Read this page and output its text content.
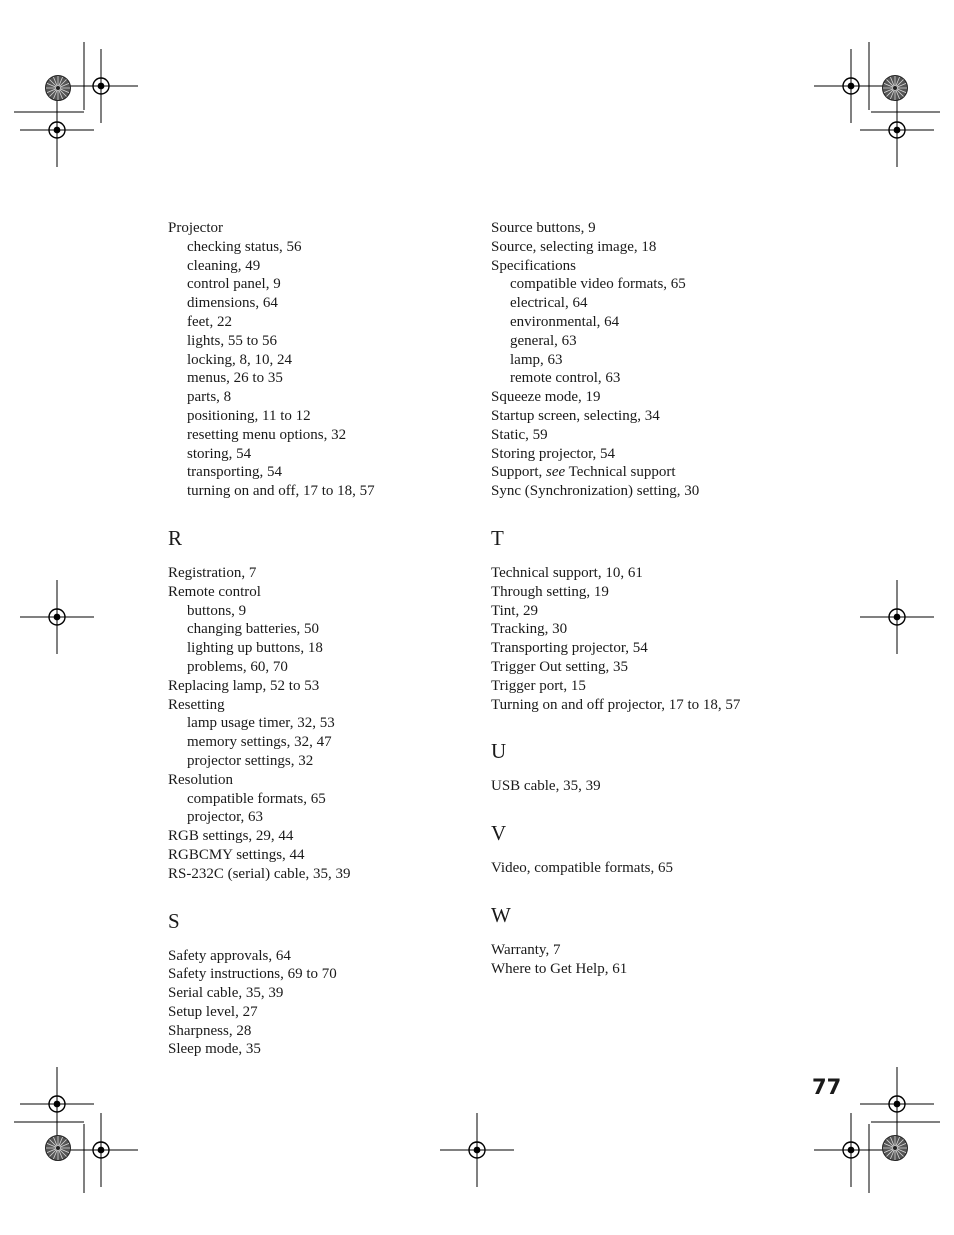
Projector
checking status, 56
cleaning, 49
control panel, 9
dimensions, 64
feet, 22
lights, 55 to 56
locking, 8, 10, 24
menus, 26 to 35
parts, 8
positioning, 11 to 12
resetting menu options, 32
storing, 54
transporting, 54
turning on and off, 17 to 18, 57
R
Registration, 7
Remote control
buttons, 9
changing batteries, 50
lighting up buttons, 18
problems, 60, 70
Replacing lamp, 52 to 53
Resetting
lamp usage timer, 32, 53
memory settings, 32, 47
projector settings, 32
Resolution
compatible formats, 65
projector, 63
RGB settings, 29, 44
RGBCMY settings, 44
RS-232C (serial) cable, 35, 39
S
Safety approvals, 64
Safety instructions, 69 to 70
Serial cable, 35, 39
Setup level, 27
Sharpness, 28
Sleep mode, 35
Source buttons, 9
Source, selecting image, 18
Specifications
compatible video formats, 65
electrical, 64
environmental, 64
general, 63
lamp, 63
remote control, 63
Squeeze mode, 19
Startup screen, selecting, 34
Static, 59
Storing projector, 54
Support, see Technical support
Sync (Synchronization) setting, 30
T
Technical support, 10, 61
Through setting, 19
Tint, 29
Tracking, 30
Transporting projector, 54
Trigger Out setting, 35
Trigger port, 15
Turning on and off projector, 17 to 18, 57
U
USB cable, 35, 39
V
Video, compatible formats, 65
W
Warranty, 7
Where to Get Help, 61
77
